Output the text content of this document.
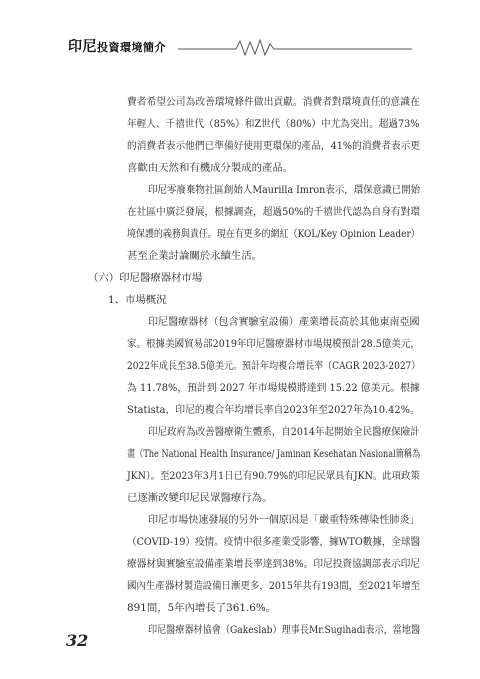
印尼投資環境簡介
費者希望公司為改善環境條件做出貢獻。消費者對環境責任的意識在
年輕人、千禧世代（85%）和Z世代（80%）中尤為突出。超過73%
的消費者表示他們已準備好使用更環保的產品，41%的消費者表示更
喜歡由天然和有機成分製成的產品。
印尼零廢棄物社區創始人Maurilla Imron表示，環保意識已開始
在社區中廣泛發展，根據調查，超過50%的千禧世代認為自身有對環
境保護的義務與責任。現在有更多的網紅（KOL/Key Opinion Leader）
甚至企業討論關於永續生活。
（六）印尼醫療器材市場
1、市場概況
印尼醫療器材（包含實驗室設備）產業增長高於其他東南亞國
家。根據美國貿易部2019年印尼醫療器材市場規模預計28.5億美元，
2022年成長至38.5億美元。預計年均複合增長率（CAGR 2023-2027）
為 11.78%，預計到 2027 年市場規模將達到 15.22 億美元。根據
Statista，印尼的複合年均增長率自2023年至2027年為10.42%。
印尼政府為改善醫療衛生體系，自2014年起開始全民醫療保險計
畫（The National Health Insurance/ Jaminan Kesehatan Nasional簡稱為
JKN）。至2023年3月1日已有90.79%的印尼民眾具有JKN。此項政策
已逐漸改變印尼民眾醫療行為。
印尼市場快速發展的另外一個原因是「嚴重特殊傳染性肺炎」
（COVID-19）疫情。疫情中很多產業受影響，據WTO數據，全球醫
療器材與實驗室設備產業增長率達到38%。印尼投資協調部表示印尼
國內生產器材製造設備日漸更多，2015年共有193間，至2021年增至
891間，5年內增長了361.6%。
印尼醫療器材協會（Gakeslab）理事長Mr.Sugihadi表示，當地醫
32
